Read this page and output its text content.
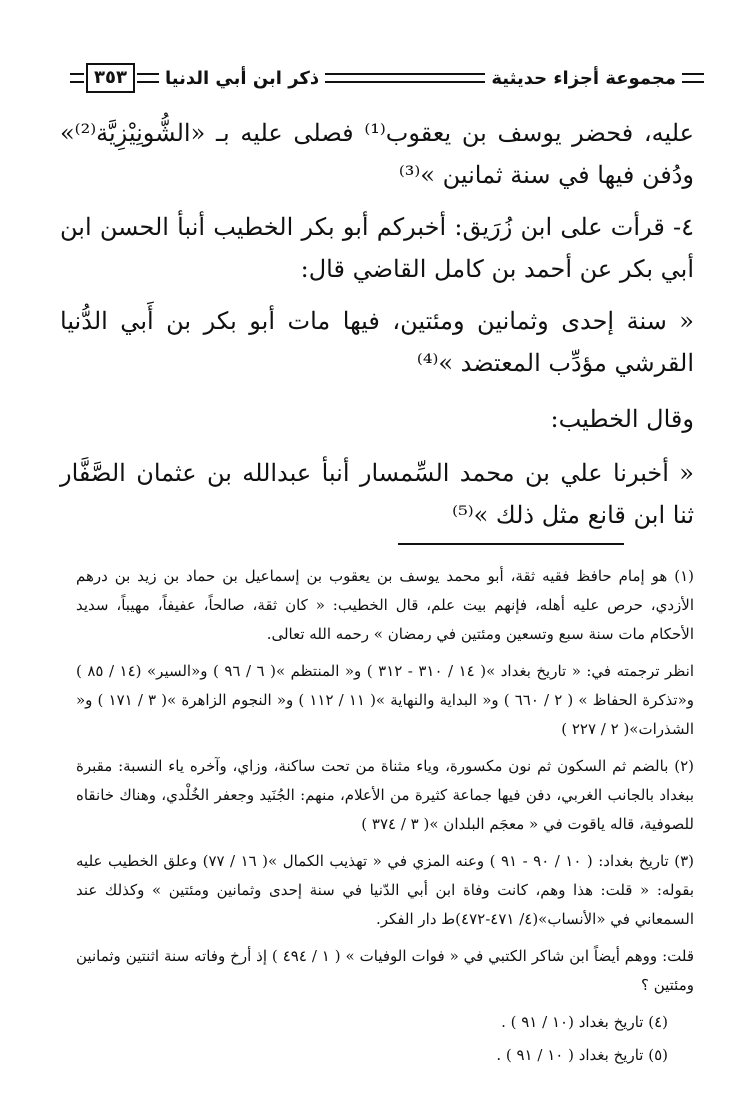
مجموعة أجزاء حديثية
ذكر ابن أبي الدنيا
٣٥٣

عليه، فحضر يوسف بن يعقوب⁽¹⁾ فصلى عليه بـ «الشُّونِيْزِيَّة⁽²⁾» ودُفن فيها في سنة ثمانين »⁽³⁾

٤- قرأت على ابن زُرَيق: أخبركم أبو بكر الخطيب أنبأ الحسن ابن أبي بكر عن أحمد بن كامل القاضي قال:

« سنة إحدى وثمانين ومئتين، فيها مات أبو بكر بن أَبي الدُّنيا القرشي مؤدِّب المعتضد »⁽⁴⁾

وقال الخطيب:

« أخبرنا علي بن محمد السِّمسار أنبأ عبدالله بن عثمان الصَّفَّار ثنا ابن قانع مثل ذلك »⁽⁵⁾

(١) هو إمام حافظ فقيه ثقة، أبو محمد يوسف بن يعقوب بن إسماعيل بن حماد بن زيد بن درهم الأزدي، حرص عليه أهله، فإنهم بيت علم، قال الخطيب: « كان ثقة، صالحاً، عفيفاً، مهيباً، سديد الأحكام مات سنة سبع وتسعين ومئتين في رمضان » رحمه الله تعالى.

انظر ترجمته في: « تاريخ بغداد »( ١٤ / ٣١٠ - ٣١٢ ) و« المنتظم »( ٦ / ٩٦ ) و«السير» (١٤ / ٨٥ ) و«تذكرة الحفاظ » ( ٢ / ٦٦٠ ) و« البداية والنهاية »( ١١ / ١١٢ ) و« النجوم الزاهرة »( ٣ / ١٧١ ) و« الشذرات»( ٢ / ٢٢٧ )

(٢) بالضم ثم السكون ثم نون مكسورة، وياء مثناة من تحت ساكنة، وزاي، وآخره ياء النسبة: مقبرة ببغداد بالجانب الغربي، دفن فيها جماعة كثيرة من الأعلام، منهم: الجُنَيد وجعفر الخُلْدي، وهناك خانقاه للصوفية، قاله ياقوت في « معجَم البلدان »( ٣ / ٣٧٤ )

(٣) تاريخ بغداد: ( ١٠ / ٩٠ - ٩١ ) وعنه المزي في « تهذيب الكمال »( ١٦ / ٧٧) وعلق الخطيب عليه بقوله: « قلت: هذا وهم، كانت وفاة ابن أبي الدّنيا في سنة إحدى وثمانين ومئتين » وكذلك عند السمعاني في «الأنساب»(٤/ ٤٧١-٤٧٢)ط دار الفكر.

قلت: ووهم أيضاً ابن شاكر الكتبي في « فوات الوفيات » ( ١ / ٤٩٤ ) إذ أرخ وفاته سنة اثنتين وثمانين ومئتين ؟

(٤) تاريخ بغداد (١٠ / ٩١ ) .

(٥) تاريخ بغداد ( ١٠ / ٩١ ) .
